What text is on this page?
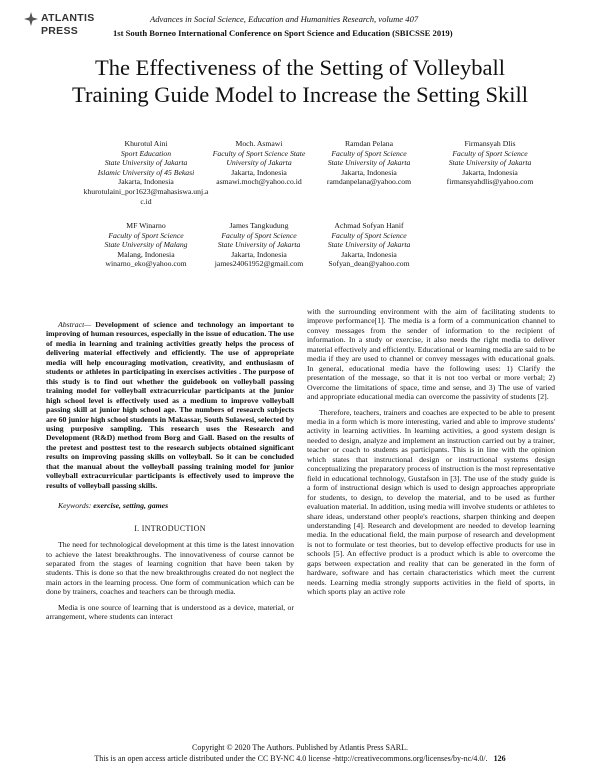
ATLANTIS
PRESS
Advances in Social Science, Education and Humanities Research, volume 407
1st South Borneo International Conference on Sport Science and Education (SBICSSE 2019)
The Effectiveness of the Setting of Volleyball
Training Guide Model to Increase the Setting Skill
Khurotul Aini
Sport Education
State University of Jakarta
Islamic University of 45 Bekasi
Jakarta, Indonesia
khurotulaini_por1623@mahasiswa.unj.ac.id
Moch. Asmawi
Faculty of Sport Science State
University of Jakarta
Jakarta, Indonesia
asmawi.moch@yahoo.co.id
Ramdan Pelana
Faculty of Sport Science
State University of Jakarta
Jakarta, Indonesia
ramdanpelana@yahoo.com
Firmansyah Dlis
Faculty of Sport Science
State University of Jakarta
Jakarta, Indonesia
firmansyahdlis@yahoo.com
MF Winarno
Faculty of Sport Science
State University of Malang
Malang, Indonesia
winarno_eko@yahoo.com
James Tangkudung
Faculty of Sport Science
State University of Jakarta
Jakarta, Indonesia
james24061952@gmail.com
Achmad Sofyan Hanif
Faculty of Sport Science
State University of Jakarta
Jakarta, Indonesia
Sofyan_dean@yahoo.com

Abstract— Development of science and technology an important to improving of human resources, especially in the issue of education. The use of media in learning and training activities greatly helps the process of delivering material effectively and efficiently. The use of appropriate media will help encouraging motivation, creativity, and enthusiasm of students or athletes in participating in exercises activities . The purpose of this study is to find out whether the guidebook on volleyball passing training model for volleyball extracurricular participants at the junior high school level is effectively used as a medium to improve volleyball passing skill at junior high school age. The numbers of research subjects are 60 junior high school students in Makassar, South Sulawesi, selected by using purposive sampling. This research uses the Research and Development (R&D) method from Borg and Gall. Based on the results of the pretest and posttest test to the research subjects obtained significant results on improving passing skills on volleyball. So it can be concluded that the manual about the volleyball passing training model for junior volleyball extracurricular participants is effectively used to improve the results of volleyball passing skills.

Keywords: exercise, setting, games

I. INTRODUCTION

The need for technological development at this time is the latest innovation to achieve the latest breakthroughs. The innovativeness of course cannot be separated from the stages of learning cognition that have been taken by students. This is done so that the new breakthroughs created do not neglect the main actors in the learning process. One form of communication which can be done by trainers, coaches and teachers can be through media.

Media is one source of learning that is understood as a device, material, or arrangement, where students can interact

with the surrounding environment with the aim of facilitating students to improve performance[1]. The media is a form of a communication channel to convey messages from the sender of information to the recipient of information. In a study or exercise, it also needs the right media to deliver material effectively and efficiently. Educational or learning media are said to be media if they are used to channel or convey messages with educational goals. In general, educational media have the following uses: 1) Clarify the presentation of the message, so that it is not too verbal or more verbal; 2) Overcome the limitations of space, time and sense, and 3) The use of varied and appropriate educational media can overcome the passivity of students [2].

Therefore, teachers, trainers and coaches are expected to be able to present media in a form which is more interesting, varied and able to improve students' activity in learning activities. In learning activities, a good system design is needed to design, analyze and implement an instruction carried out by a trainer, teacher or coach to students as participants. This is in line with the opinion which states that instructional design or instructional systems design conceptualizing the preparatory process of instruction is the most representative field in educational technology, Gustafson in [3]. The use of the study guide is a form of instructional design which is used to design approaches appropriate for students, to design, to develop the material, and to be used as further evaluation material. In addition, using media will involve students or athletes to share ideas, understand other people's reactions, sharpen thinking and deepen understanding [4]. Research and development are needed to develop learning media. In the educational field, the main purpose of research and development is not to formulate or test theories, but to develop effective products for use in schools [5]. An effective product is a product which is able to overcome the gaps between expectation and reality that can be generated in the form of hardware, software and has certain characteristics which meet the current needs. Learning media strongly supports activities in the field of sports, in which sports play an active role

Copyright © 2020 The Authors. Published by Atlantis Press SARL.
This is an open access article distributed under the CC BY-NC 4.0 license -http://creativecommons.org/licenses/by-nc/4.0/. 126
